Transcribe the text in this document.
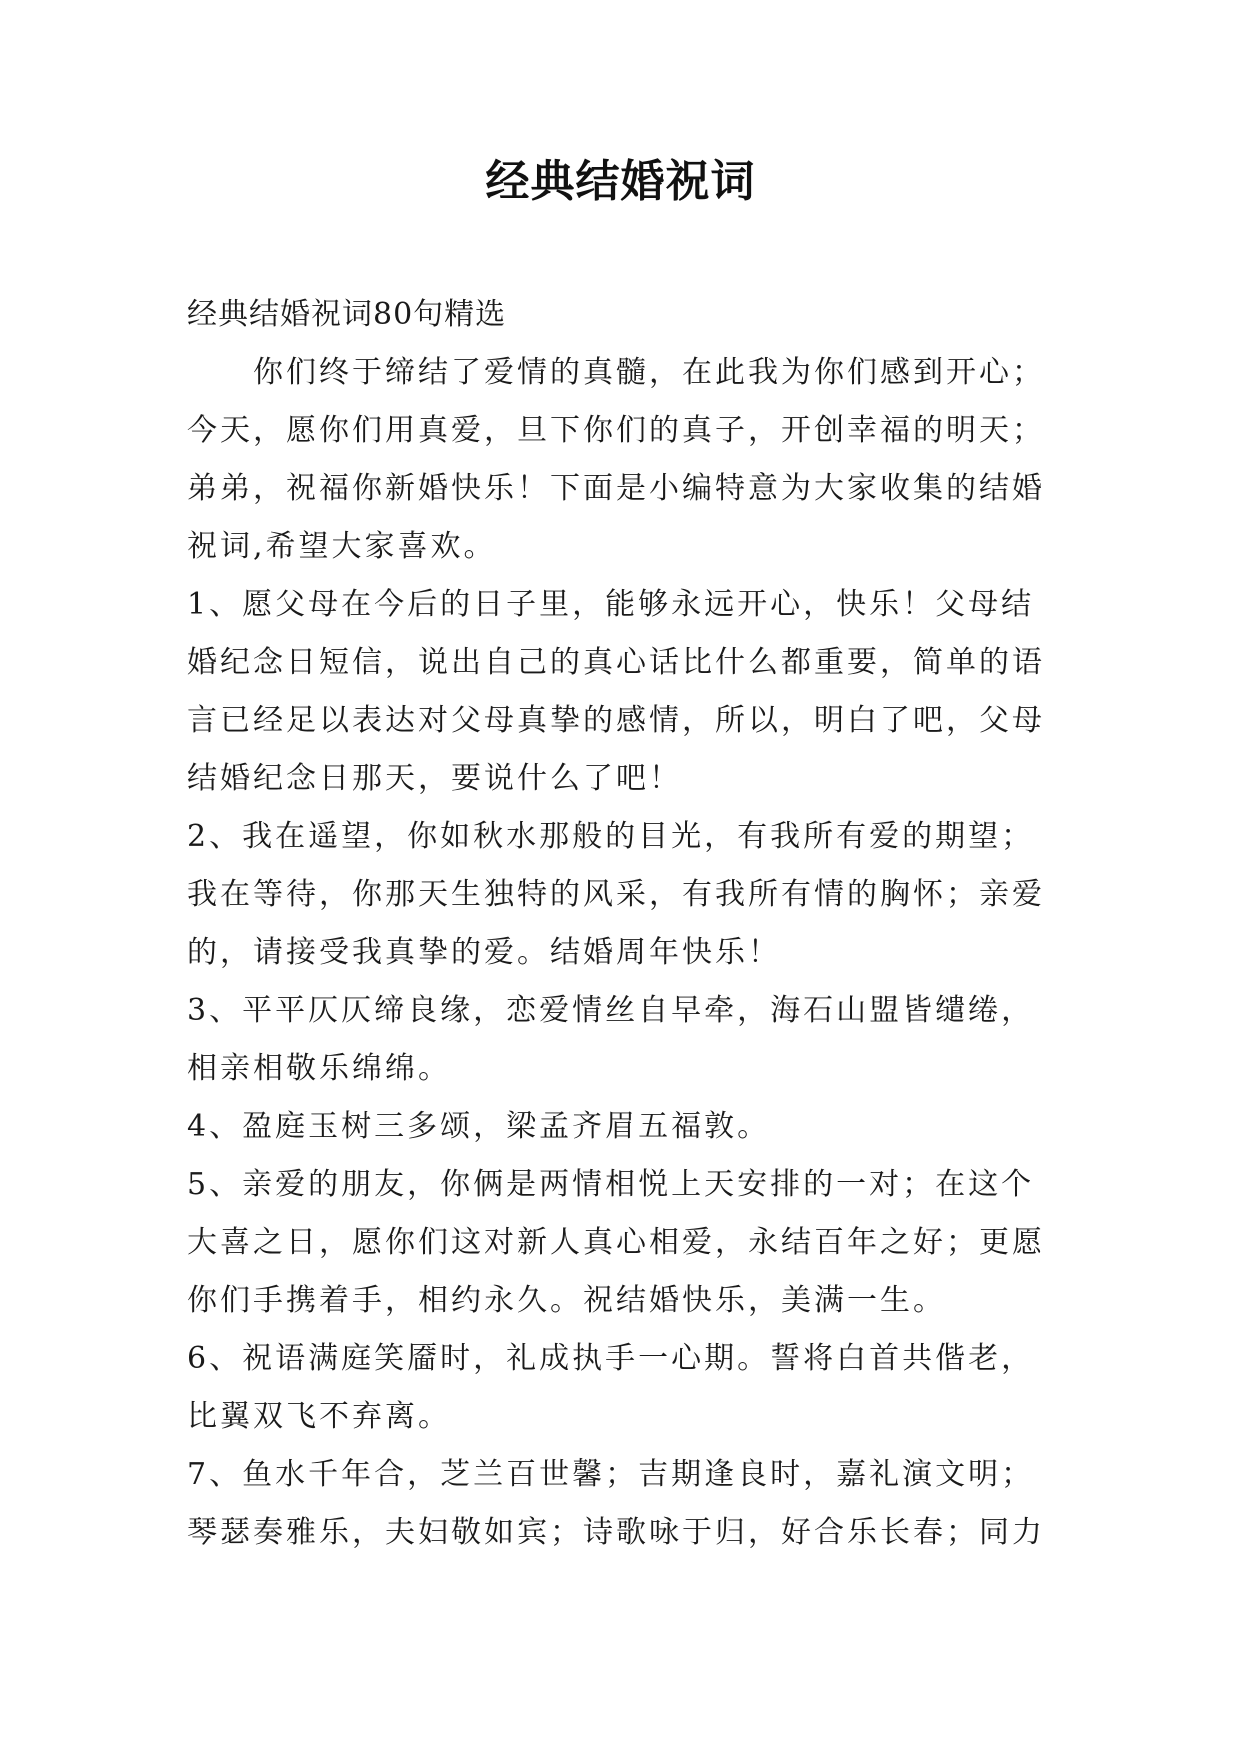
经典结婚祝词
经典结婚祝词80句精选
　　你们终于缔结了爱情的真髓，在此我为你们感到开心；
今天，愿你们用真爱，旦下你们的真子，开创幸福的明天；
弟弟，祝福你新婚快乐！下面是小编特意为大家收集的结婚
祝词,希望大家喜欢。
1、愿父母在今后的日子里，能够永远开心，快乐！父母结
婚纪念日短信，说出自己的真心话比什么都重要，简单的语
言已经足以表达对父母真挚的感情，所以，明白了吧，父母
结婚纪念日那天，要说什么了吧！
2、我在遥望，你如秋水那般的目光，有我所有爱的期望；
我在等待，你那天生独特的风采，有我所有情的胸怀；亲爱
的，请接受我真挚的爱。结婚周年快乐！
3、平平仄仄缔良缘，恋爱情丝自早牵，海石山盟皆缱绻，
相亲相敬乐绵绵。
4、盈庭玉树三多颂，梁孟齐眉五福敦。
5、亲爱的朋友，你俩是两情相悦上天安排的一对；在这个
大喜之日，愿你们这对新人真心相爱，永结百年之好；更愿
你们手携着手，相约永久。祝结婚快乐，美满一生。
6、祝语满庭笑靥时，礼成执手一心期。誓将白首共偕老，
比翼双飞不弃离。
7、鱼水千年合，芝兰百世馨；吉期逢良时，嘉礼演文明；
琴瑟奏雅乐，夫妇敬如宾；诗歌咏于归，好合乐长春；同力
